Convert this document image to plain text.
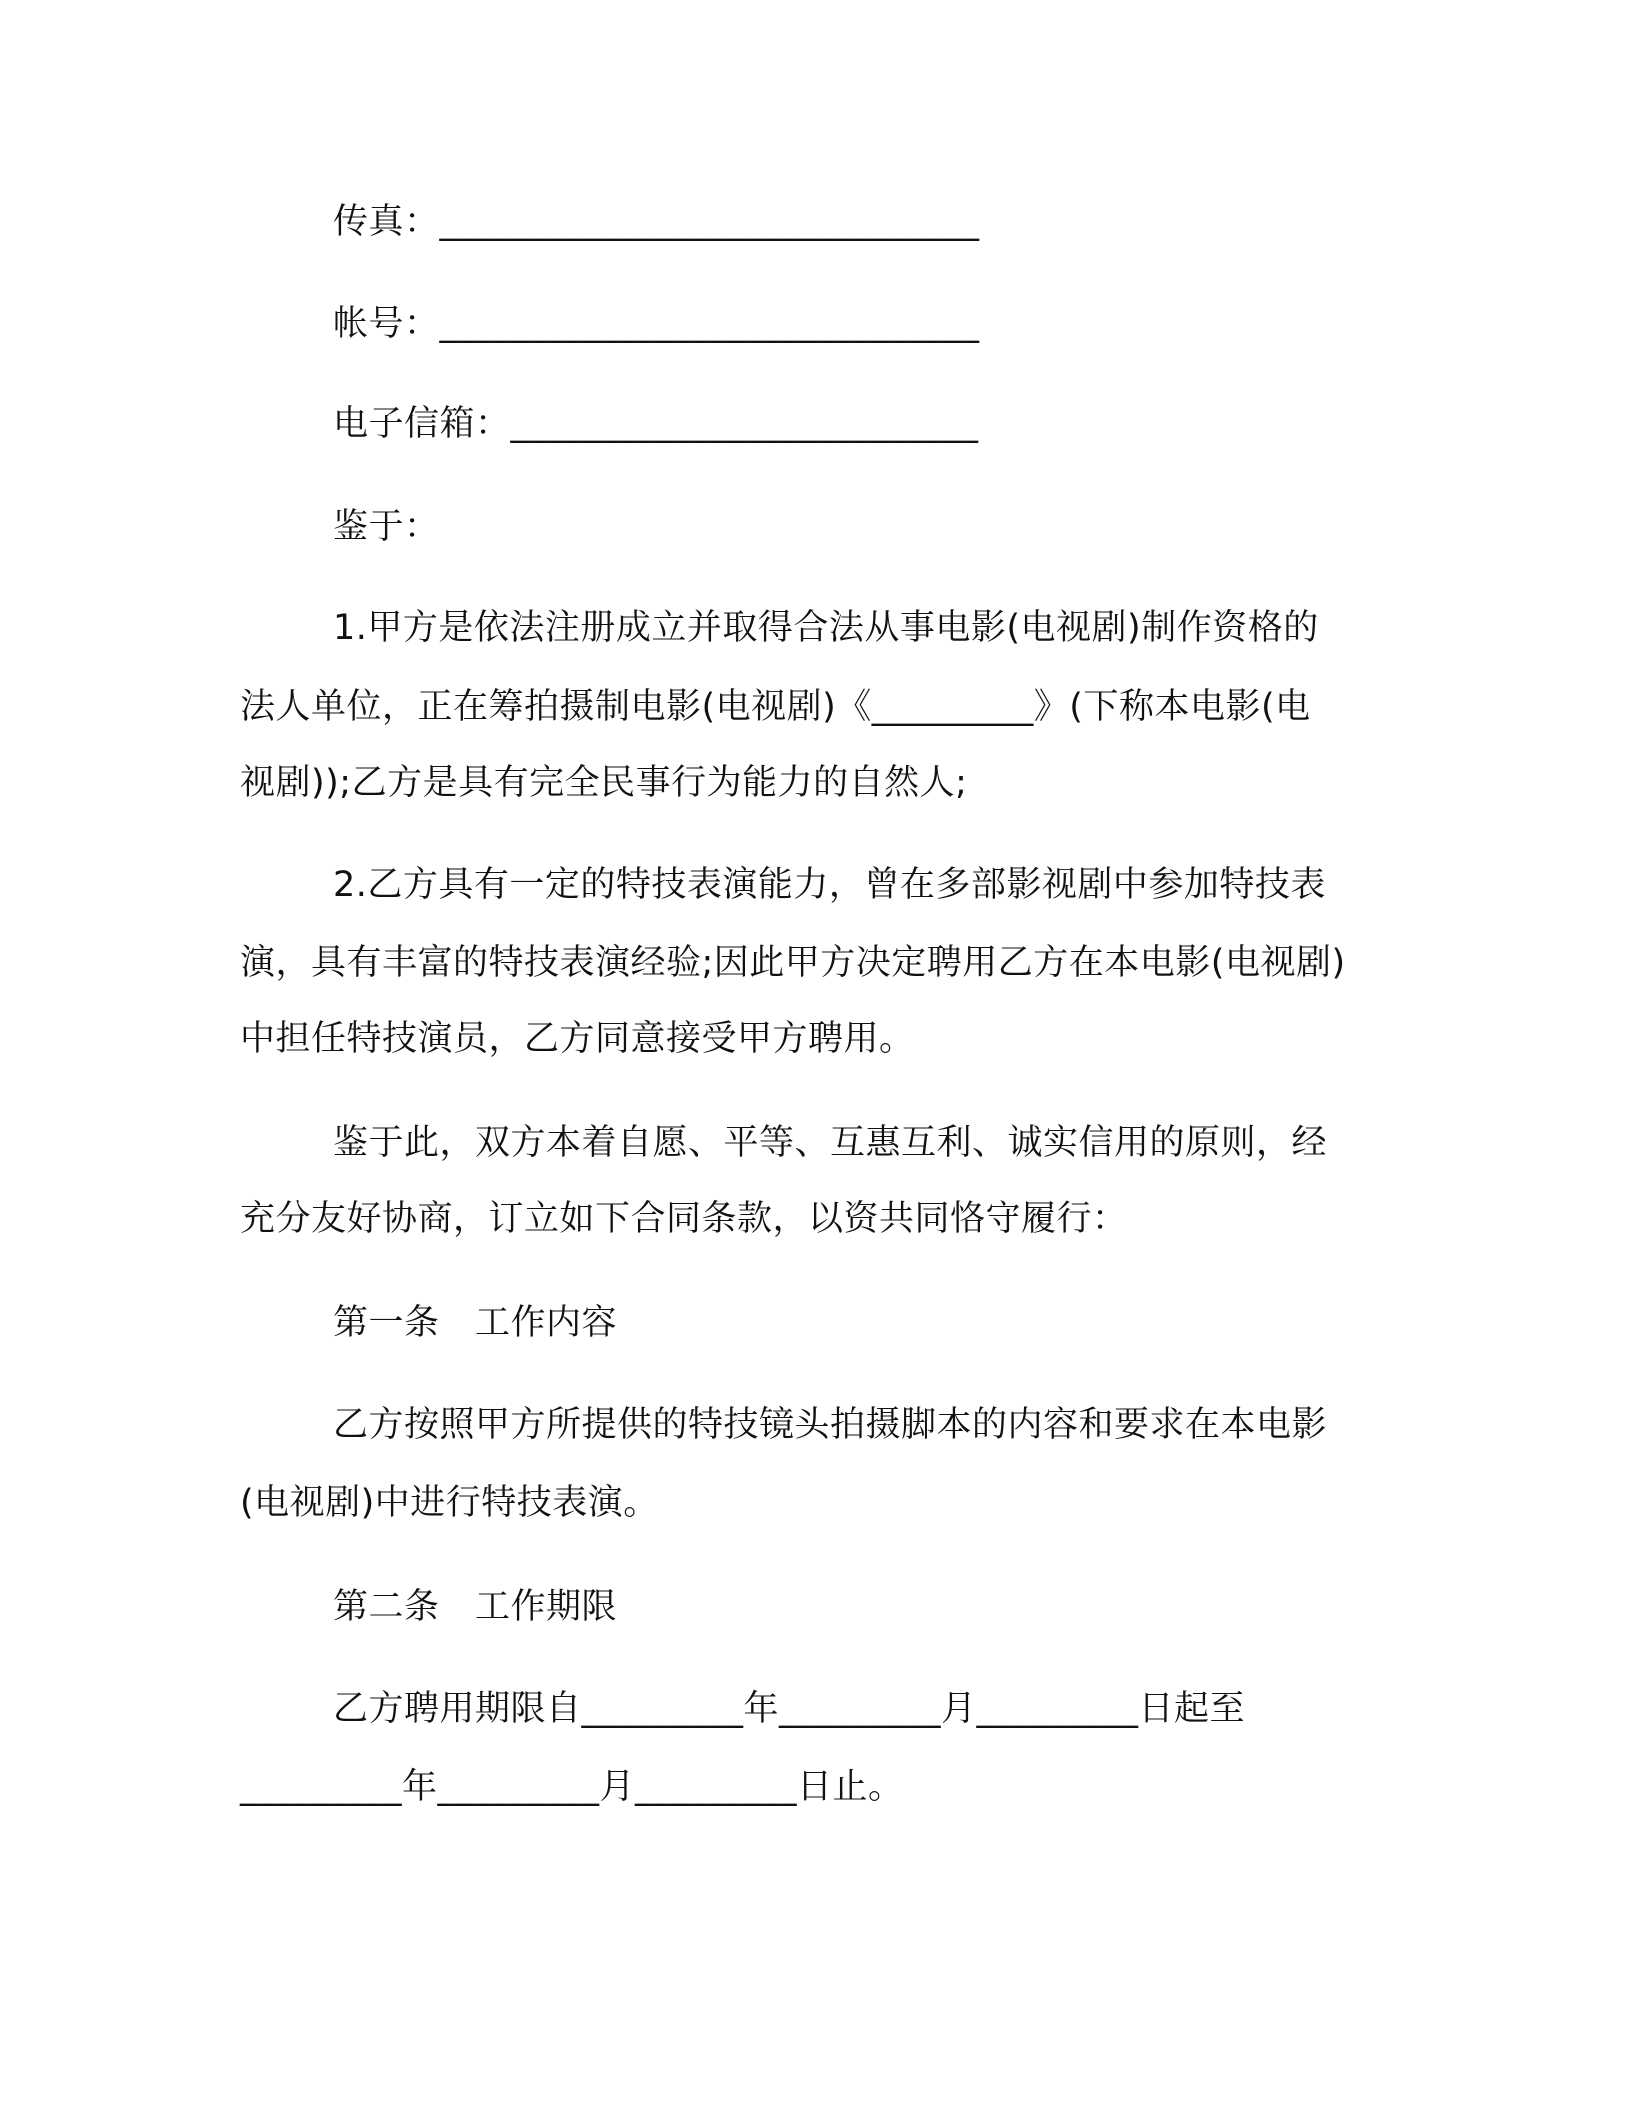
传真：______________________________
帐号：______________________________
电子信箱：__________________________
鉴于：
1.甲方是依法注册成立并取得合法从事电影(电视剧)制作资格的
法人单位，正在筹拍摄制电影(电视剧)《_________》(下称本电影(电
视剧));乙方是具有完全民事行为能力的自然人;
2.乙方具有一定的特技表演能力，曾在多部影视剧中参加特技表
演，具有丰富的特技表演经验;因此甲方决定聘用乙方在本电影(电视剧)
中担任特技演员，乙方同意接受甲方聘用。
鉴于此，双方本着自愿、平等、互惠互利、诚实信用的原则，经
充分友好协商，订立如下合同条款，以资共同恪守履行：
第一条　工作内容
乙方按照甲方所提供的特技镜头拍摄脚本的内容和要求在本电影
(电视剧)中进行特技表演。
第二条　工作期限
乙方聘用期限自_________年_________月_________日起至
_________年_________月_________日止。
